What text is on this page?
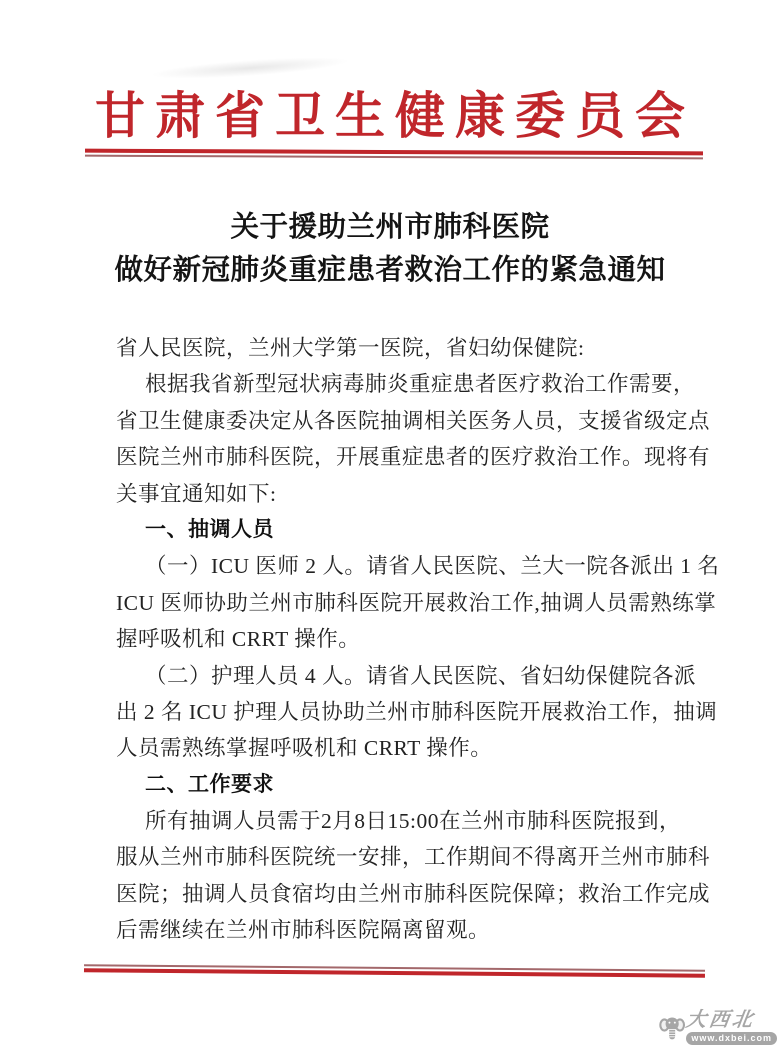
甘肃省卫生健康委员会
关于援助兰州市肺科医院
做好新冠肺炎重症患者救治工作的紧急通知
省人民医院，兰州大学第一医院，省妇幼保健院:
根据我省新型冠状病毒肺炎重症患者医疗救治工作需要，
省卫生健康委决定从各医院抽调相关医务人员，支援省级定点
医院兰州市肺科医院，开展重症患者的医疗救治工作。现将有
关事宜通知如下:
一、抽调人员
（一）ICU 医师 2 人。请省人民医院、兰大一院各派出 1 名
ICU 医师协助兰州市肺科医院开展救治工作,抽调人员需熟练掌
握呼吸机和 CRRT 操作。
（二）护理人员 4 人。请省人民医院、省妇幼保健院各派
出 2 名 ICU 护理人员协助兰州市肺科医院开展救治工作，抽调
人员需熟练掌握呼吸机和 CRRT 操作。
二、工作要求
所有抽调人员需于2月8日15:00在兰州市肺科医院报到，
服从兰州市肺科医院统一安排，工作期间不得离开兰州市肺科
医院；抽调人员食宿均由兰州市肺科医院保障；救治工作完成
后需继续在兰州市肺科医院隔离留观。
大西北
www.dxbei.com
